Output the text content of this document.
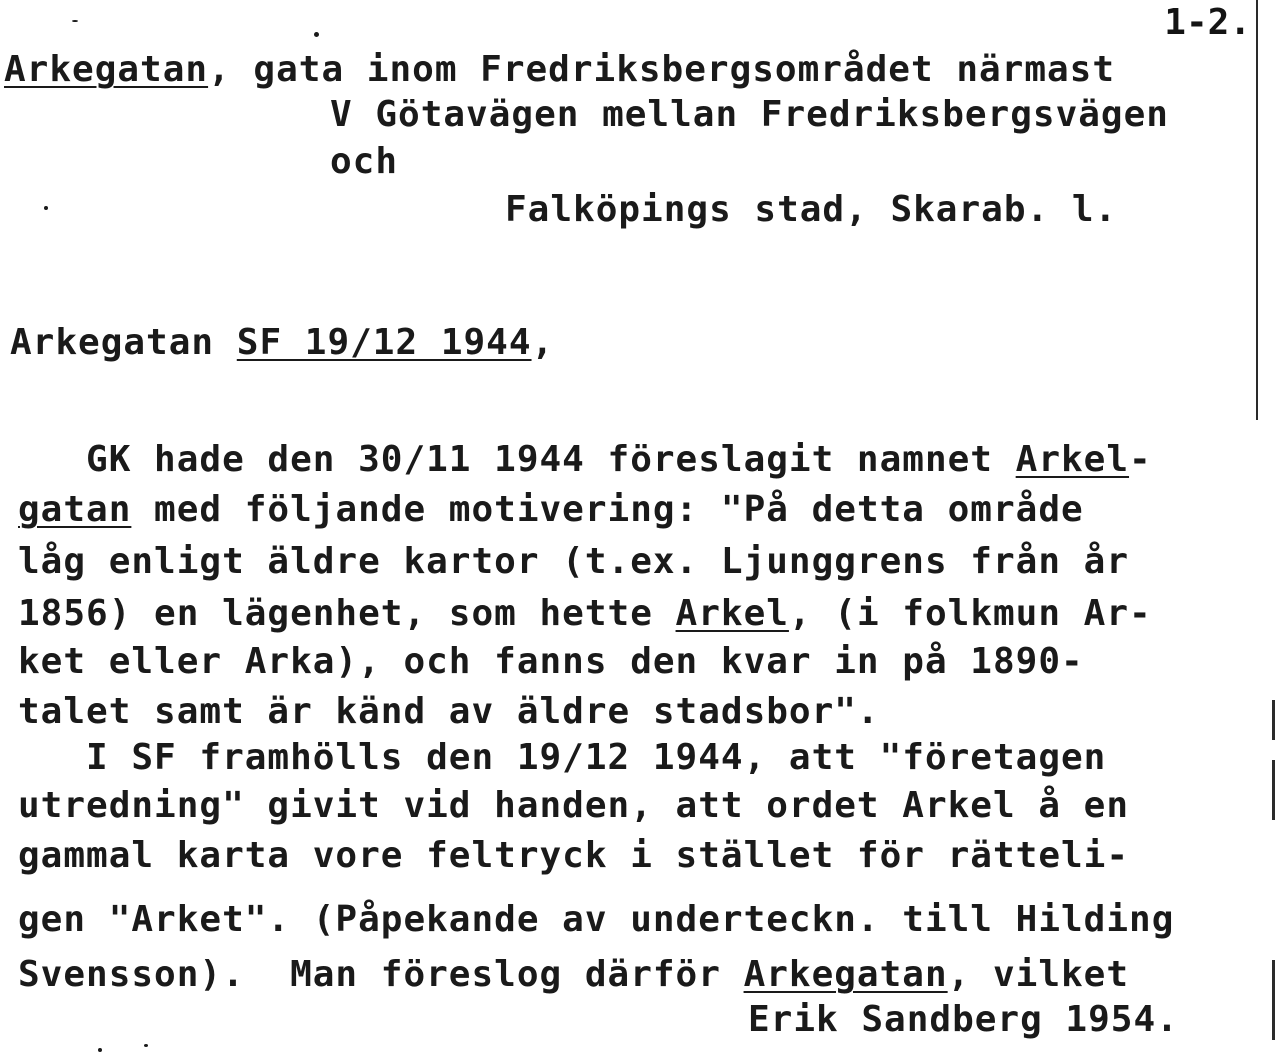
1-2.
Arkegatan, gata inom Fredriksbergsområdet närmast
V Götavägen mellan Fredriksbergsvägen
och
Falköpings stad, Skarab. l.
Arkegatan SF 19/12 1944,
GK hade den 30/11 1944 föreslagit namnet Arkel-
gatan med följande motivering: "På detta område
låg enligt äldre kartor (t.ex. Ljunggrens från år
1856) en lägenhet, som hette Arkel, (i folkmun Ar-
ket eller Arka), och fanns den kvar in på 1890-
talet samt är känd av äldre stadsbor".
I SF framhölls den 19/12 1944, att "företagen
utredning" givit vid handen, att ordet Arkel å en
gammal karta vore feltryck i stället för rätteli-
gen "Arket". (Påpekande av underteckn. till Hilding
Svensson).  Man föreslog därför Arkegatan, vilket
Erik Sandberg 1954.
